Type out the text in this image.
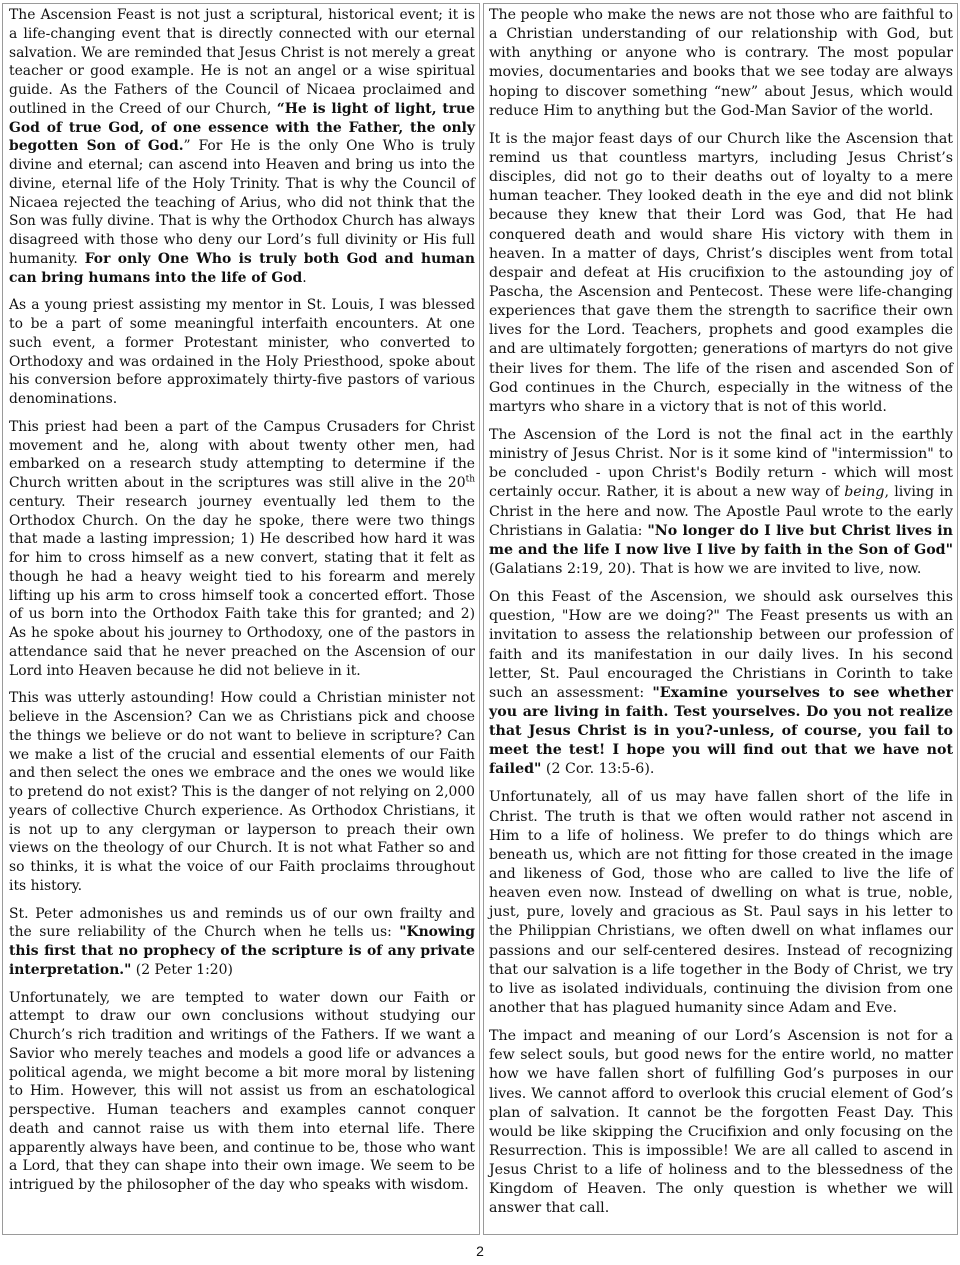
The Ascension Feast is not just a scriptural, historical event; it is a life-changing event that is directly connected with our eternal salvation. We are reminded that Jesus Christ is not merely a great teacher or good example. He is not an angel or a wise spiritual guide. As the Fathers of the Council of Nicaea proclaimed and outlined in the Creed of our Church, “He is light of light, true God of true God, of one essence with the Father, the only begotten Son of God.” For He is the only One Who is truly divine and eternal; can ascend into Heaven and bring us into the divine, eternal life of the Holy Trinity. That is why the Council of Nicaea rejected the teaching of Arius, who did not think that the Son was fully divine. That is why the Orthodox Church has always disagreed with those who deny our Lord’s full divinity or His full humanity. For only One Who is truly both God and human can bring humans into the life of God.

As a young priest assisting my mentor in St. Louis, I was blessed to be a part of some meaningful interfaith encounters. At one such event, a former Protestant minister, who converted to Orthodoxy and was ordained in the Holy Priesthood, spoke about his conversion before approximately thirty-five pastors of various denominations.

This priest had been a part of the Campus Crusaders for Christ movement and he, along with about twenty other men, had embarked on a research study attempting to determine if the Church written about in the scriptures was still alive in the 20th century. Their research journey eventually led them to the Orthodox Church. On the day he spoke, there were two things that made a lasting impression; 1) He described how hard it was for him to cross himself as a new convert, stating that it felt as though he had a heavy weight tied to his forearm and merely lifting up his arm to cross himself took a concerted effort. Those of us born into the Orthodox Faith take this for granted; and 2) As he spoke about his journey to Orthodoxy, one of the pastors in attendance said that he never preached on the Ascension of our Lord into Heaven because he did not believe in it.

This was utterly astounding! How could a Christian minister not believe in the Ascension? Can we as Christians pick and choose the things we believe or do not want to believe in scripture? Can we make a list of the crucial and essential elements of our Faith and then select the ones we embrace and the ones we would like to pretend do not exist? This is the danger of not relying on 2,000 years of collective Church experience. As Orthodox Christians, it is not up to any clergyman or layperson to preach their own views on the theology of our Church. It is not what Father so and so thinks, it is what the voice of our Faith proclaims throughout its history.

St. Peter admonishes us and reminds us of our own frailty and the sure reliability of the Church when he tells us: "Knowing this first that no prophecy of the scripture is of any private interpretation." (2 Peter 1:20)

Unfortunately, we are tempted to water down our Faith or attempt to draw our own conclusions without studying our Church’s rich tradition and writings of the Fathers. If we want a Savior who merely teaches and models a good life or advances a political agenda, we might become a bit more moral by listening to Him. However, this will not assist us from an eschatological perspective. Human teachers and examples cannot conquer death and cannot raise us with them into eternal life. There apparently always have been, and continue to be, those who want a Lord, that they can shape into their own image. We seem to be intrigued by the philosopher of the day who speaks with wisdom.

The people who make the news are not those who are faithful to a Christian understanding of our relationship with God, but with anything or anyone who is contrary. The most popular movies, documentaries and books that we see today are always hoping to discover something “new” about Jesus, which would reduce Him to anything but the God-Man Savior of the world.

It is the major feast days of our Church like the Ascension that remind us that countless martyrs, including Jesus Christ’s disciples, did not go to their deaths out of loyalty to a mere human teacher. They looked death in the eye and did not blink because they knew that their Lord was God, that He had conquered death and would share His victory with them in heaven. In a matter of days, Christ’s disciples went from total despair and defeat at His crucifixion to the astounding joy of Pascha, the Ascension and Pentecost. These were life-changing experiences that gave them the strength to sacrifice their own lives for the Lord. Teachers, prophets and good examples die and are ultimately forgotten; generations of martyrs do not give their lives for them. The life of the risen and ascended Son of God continues in the Church, especially in the witness of the martyrs who share in a victory that is not of this world.

The Ascension of the Lord is not the final act in the earthly ministry of Jesus Christ. Nor is it some kind of "intermission" to be concluded - upon Christ's Bodily return - which will most certainly occur. Rather, it is about a new way of being, living in Christ in the here and now. The Apostle Paul wrote to the early Christians in Galatia: "No longer do I live but Christ lives in me and the life I now live I live by faith in the Son of God" (Galatians 2:19, 20). That is how we are invited to live, now.

On this Feast of the Ascension, we should ask ourselves this question, "How are we doing?" The Feast presents us with an invitation to assess the relationship between our profession of faith and its manifestation in our daily lives. In his second letter, St. Paul encouraged the Christians in Corinth to take such an assessment: "Examine yourselves to see whether you are living in faith. Test yourselves. Do you not realize that Jesus Christ is in you?-unless, of course, you fail to meet the test! I hope you will find out that we have not failed" (2 Cor. 13:5-6).

Unfortunately, all of us may have fallen short of the life in Christ. The truth is that we often would rather not ascend in Him to a life of holiness. We prefer to do things which are beneath us, which are not fitting for those created in the image and likeness of God, those who are called to live the life of heaven even now. Instead of dwelling on what is true, noble, just, pure, lovely and gracious as St. Paul says in his letter to the Philippian Christians, we often dwell on what inflames our passions and our self-centered desires. Instead of recognizing that our salvation is a life together in the Body of Christ, we try to live as isolated individuals, continuing the division from one another that has plagued humanity since Adam and Eve.

The impact and meaning of our Lord’s Ascension is not for a few select souls, but good news for the entire world, no matter how we have fallen short of fulfilling God’s purposes in our lives. We cannot afford to overlook this crucial element of God’s plan of salvation. It cannot be the forgotten Feast Day. This would be like skipping the Crucifixion and only focusing on the Resurrection. This is impossible! We are all called to ascend in Jesus Christ to a life of holiness and to the blessedness of the Kingdom of Heaven. The only question is whether we will answer that call.

2
